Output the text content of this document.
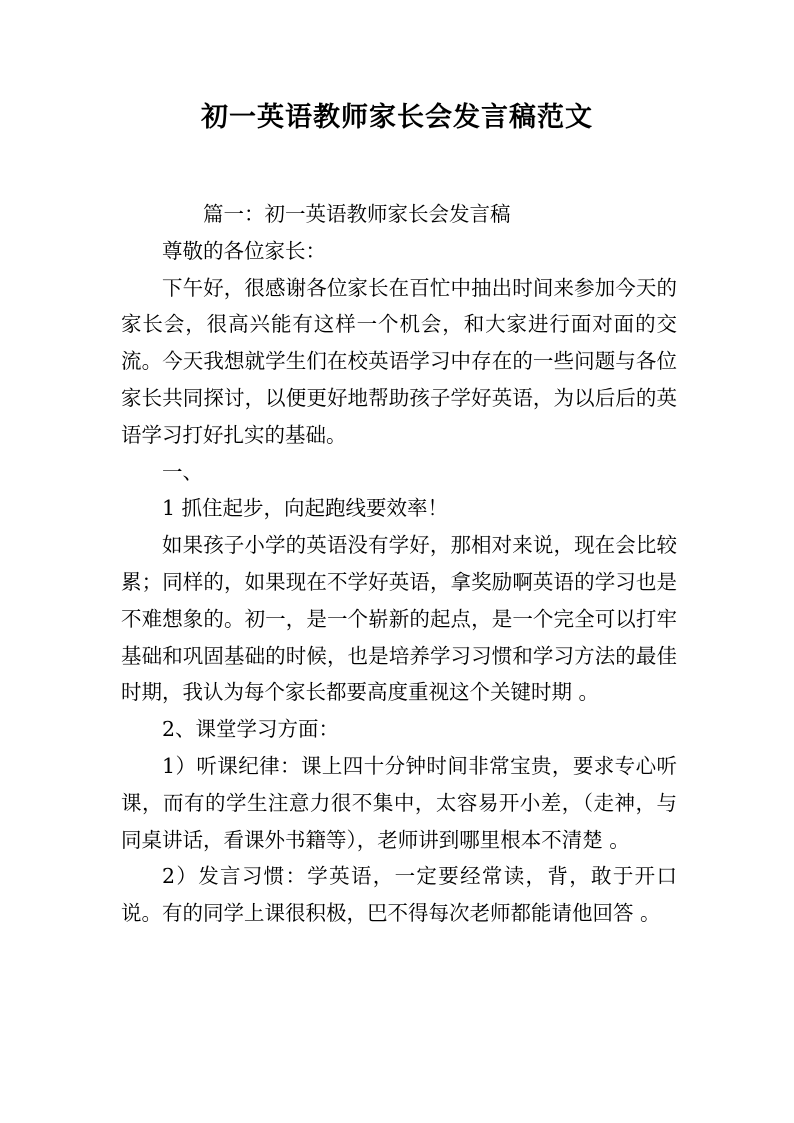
初一英语教师家长会发言稿范文

篇一：初一英语教师家长会发言稿

尊敬的各位家长：

下午好，很感谢各位家长在百忙中抽出时间来参加今天的家长会，很高兴能有这样一个机会，和大家进行面对面的交流。今天我想就学生们在校英语学习中存在的一些问题与各位家长共同探讨，以便更好地帮助孩子学好英语，为以后后的英语学习打好扎实的基础。

一、

1 抓住起步，向起跑线要效率！

如果孩子小学的英语没有学好，那相对来说，现在会比较累；同样的，如果现在不学好英语，拿奖励啊英语的学习也是不难想象的。初一，是一个崭新的起点，是一个完全可以打牢基础和巩固基础的时候，也是培养学习习惯和学习方法的最佳时期，我认为每个家长都要高度重视这个关键时期 。

2、课堂学习方面：

1）听课纪律：课上四十分钟时间非常宝贵，要求专心听课，而有的学生注意力很不集中，太容易开小差，（走神，与同桌讲话，看课外书籍等），老师讲到哪里根本不清楚 。

2）发言习惯：学英语，一定要经常读，背，敢于开口说。有的同学上课很积极，巴不得每次老师都能请他回答 。
